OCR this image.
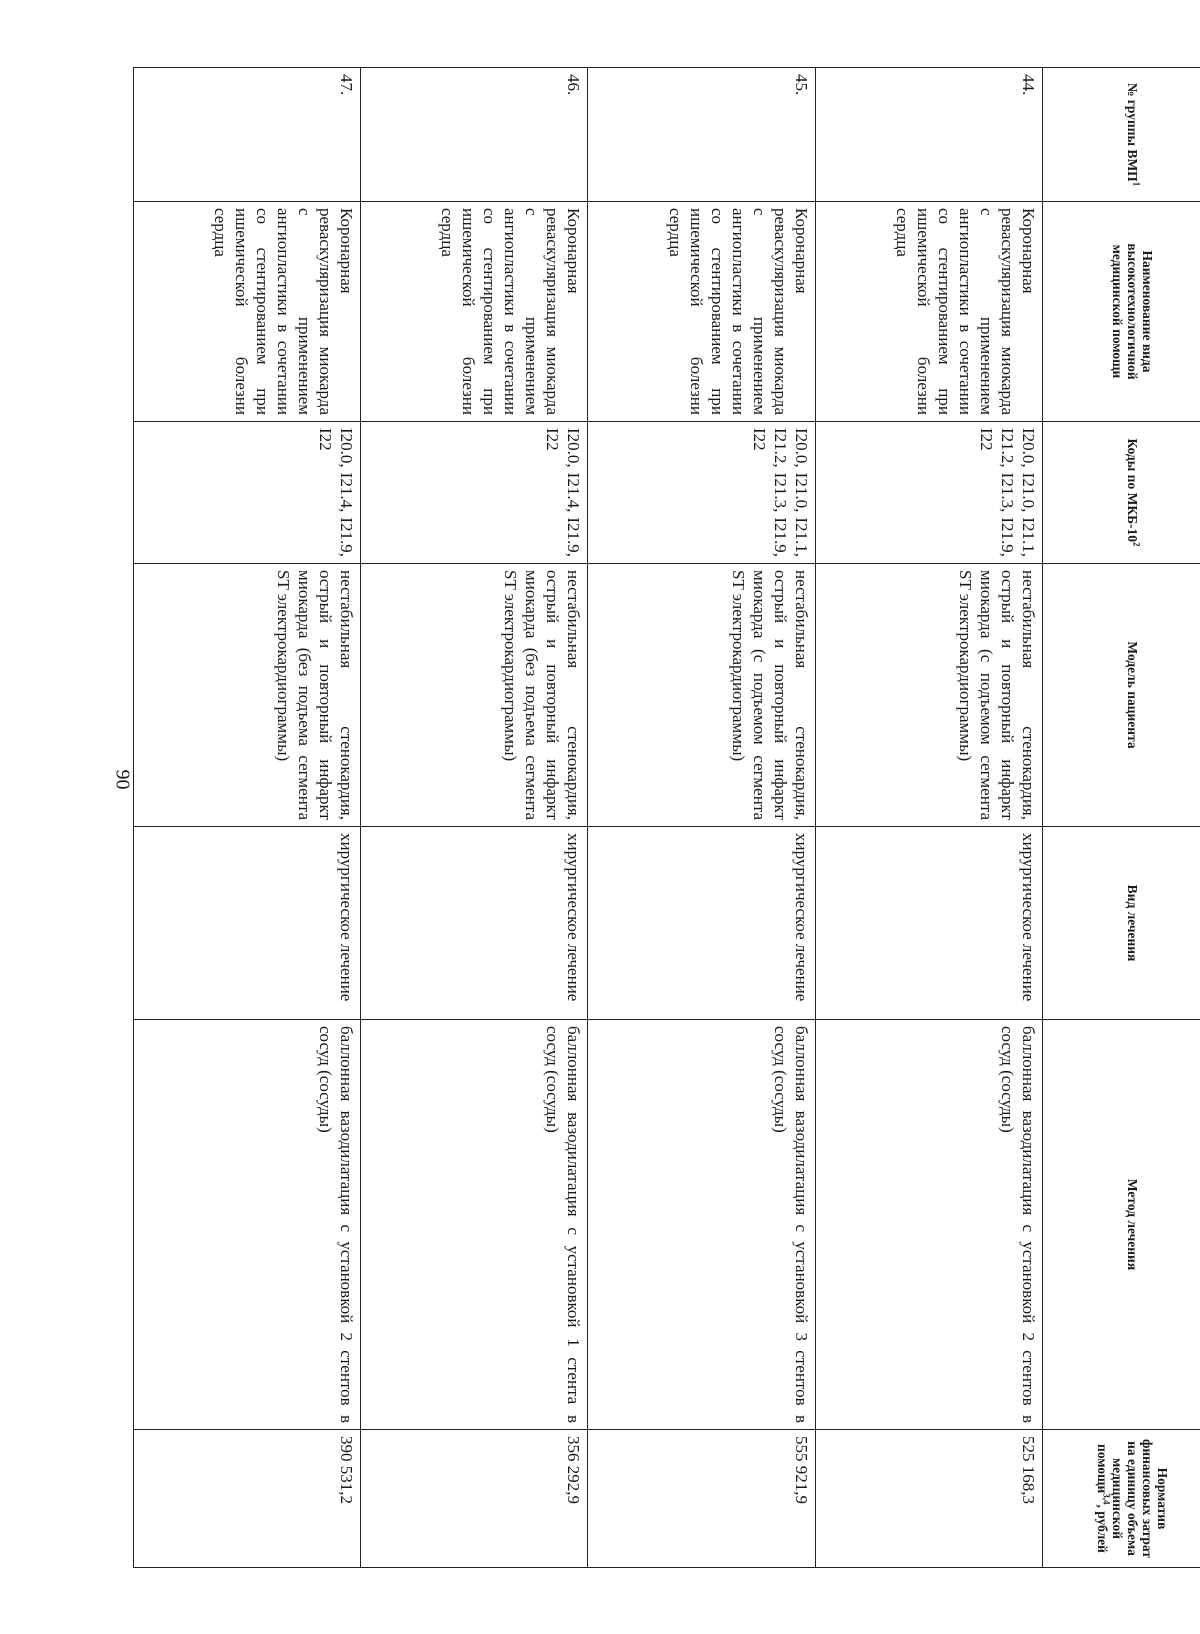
90
№ группы ВМП$^1$	Наименование вида высокотехнологичной медицинской помощи	Коды по МКБ-$10^2$	Модель пациента	Вид лечения	Метод лечения	Норматив финансовых затрат на единицу объема медицинской помощи$^{3,4}$, рублей
44.	Коронарная реваскуляризация миокарда с применением ангиопластики в сочетании со стентированием при ишемической болезни сердца	I20.0, I21.0, I21.1, I21.2, I21.3, I21.9, I22	нестабильная стенокардия, острый и повторный инфаркт миокарда (с подъемом сегмента ST электрокардиограммы)	хирургическое лечение	баллонная вазодилатация с установкой 2 стентов в сосуд (сосуды)	525 168,3
45.	Коронарная реваскуляризация миокарда с применением ангиопластики в сочетании со стентированием при ишемической болезни сердца	I20.0, I21.0, I21.1, I21.2, I21.3, I21.9, I22	нестабильная стенокардия, острый и повторный инфаркт миокарда (с подъемом сегмента ST электрокардиограммы)	хирургическое лечение	баллонная вазодилатация с установкой 3 стентов в сосуд (сосуды)	555 921,9
46.	Коронарная реваскуляризация миокарда с применением ангиопластики в сочетании со стентированием при ишемической болезни сердца	I20.0, I21.4, I21.9, I22	нестабильная стенокардия, острый и повторный инфаркт миокарда (без подъема сегмента ST электрокардиограммы)	хирургическое лечение	баллонная вазодилатация с установкой 1 стента в сосуд (сосуды)	356 292,9
47.	Коронарная реваскуляризация миокарда с применением ангиопластики в сочетании со стентированием при ишемической болезни сердца	I20.0, I21.4, I21.9, I22	нестабильная стенокардия, острый и повторный инфаркт миокарда (без подъема сегмента ST электрокардиограммы)	хирургическое лечение	баллонная вазодилатация с установкой 2 стентов в сосуд (сосуды)	390 531,2
